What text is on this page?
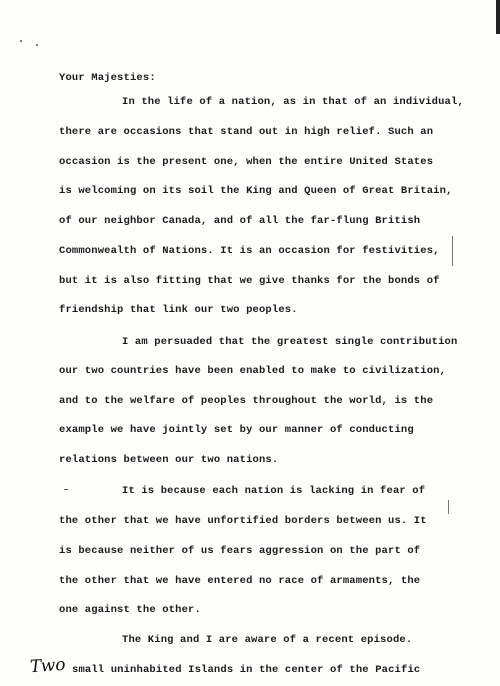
Your Majesties:
In the life of a nation, as in that of an individual,
there are occasions that stand out in high relief. Such an
occasion is the present one, when the entire United States
is welcoming on its soil the King and Queen of Great Britain,
of our neighbor Canada, and of all the far-flung British
Commonwealth of Nations. It is an occasion for festivities,
but it is also fitting that we give thanks for the bonds of
friendship that link our two peoples.
I am persuaded that the greatest single contribution
our two countries have been enabled to make to civilization,
and to the welfare of peoples throughout the world, is the
example we have jointly set by our manner of conducting
relations between our two nations.
It is because each nation is lacking in fear of
the other that we have unfortified borders between us. It
is because neither of us fears aggression on the part of
the other that we have entered no race of armaments, the
one against the other.
The King and I are aware of a recent episode.
Two small uninhabited Islands in the center of the Pacific
